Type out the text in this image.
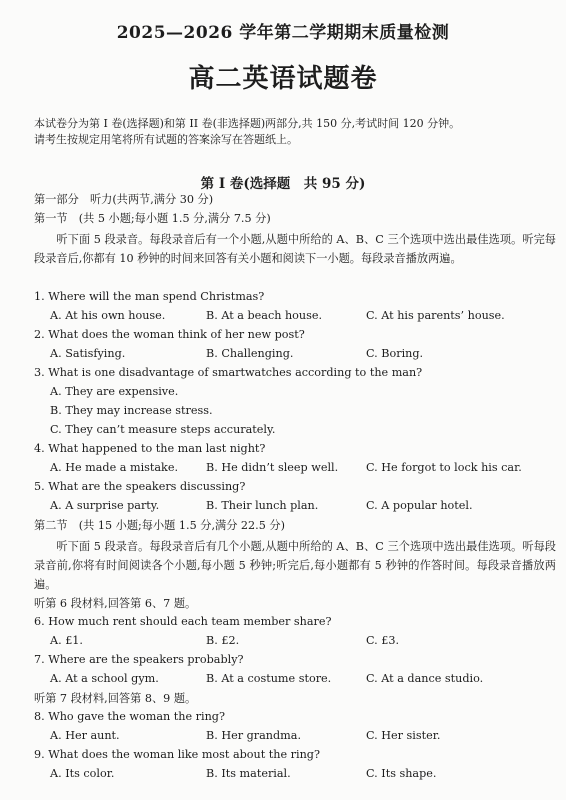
2025—2026 学年第二学期期末质量检测
高二英语试题卷
本试卷分为第 I 卷(选择题)和第 II 卷(非选择题)两部分,共 150 分,考试时间 120 分钟。
请考生按规定用笔将所有试题的答案涂写在答题纸上。
第 I 卷(选择题　共 95 分)
第一部分　听力(共两节,满分 30 分)
第一节　(共 5 小题;每小题 1.5 分,满分 7.5 分)
听下面 5 段录音。每段录音后有一个小题,从题中所给的 A、B、C 三个选项中选出最佳选项。听完每段录音后,你都有 10 秒钟的时间来回答有关小题和阅读下一小题。每段录音播放两遍。
1. Where will the man spend Christmas?
A. At his own house.	B. At a beach house.	C. At his parents’ house.
2. What does the woman think of her new post?
A. Satisfying.	B. Challenging.	C. Boring.
3. What is one disadvantage of smartwatches according to the man?
A. They are expensive.
B. They may increase stress.
C. They can’t measure steps accurately.
4. What happened to the man last night?
A. He made a mistake. B. He didn’t sleep well. C. He forgot to lock his car.
5. What are the speakers discussing?
A. A surprise party.	B. Their lunch plan.	C. A popular hotel.
第二节　(共 15 小题;每小题 1.5 分,满分 22.5 分)
听下面 5 段录音。每段录音后有几个小题,从题中所给的 A、B、C 三个选项中选出最佳选项。听每段录音前,你将有时间阅读各个小题,每小题 5 秒钟;听完后,每小题都有 5 秒钟的作答时间。每段录音播放两遍。
听第 6 段材料,回答第 6、7 题。
6. How much rent should each team member share?
A. £1.	B. £2.	C. £3.
7. Where are the speakers probably?
A. At a school gym.	B. At a costume store.	C. At a dance studio.
听第 7 段材料,回答第 8、9 题。
8. Who gave the woman the ring?
A. Her aunt.	B. Her grandma.	C. Her sister.
9. What does the woman like most about the ring?
A. Its color.	B. Its material.	C. Its shape.
